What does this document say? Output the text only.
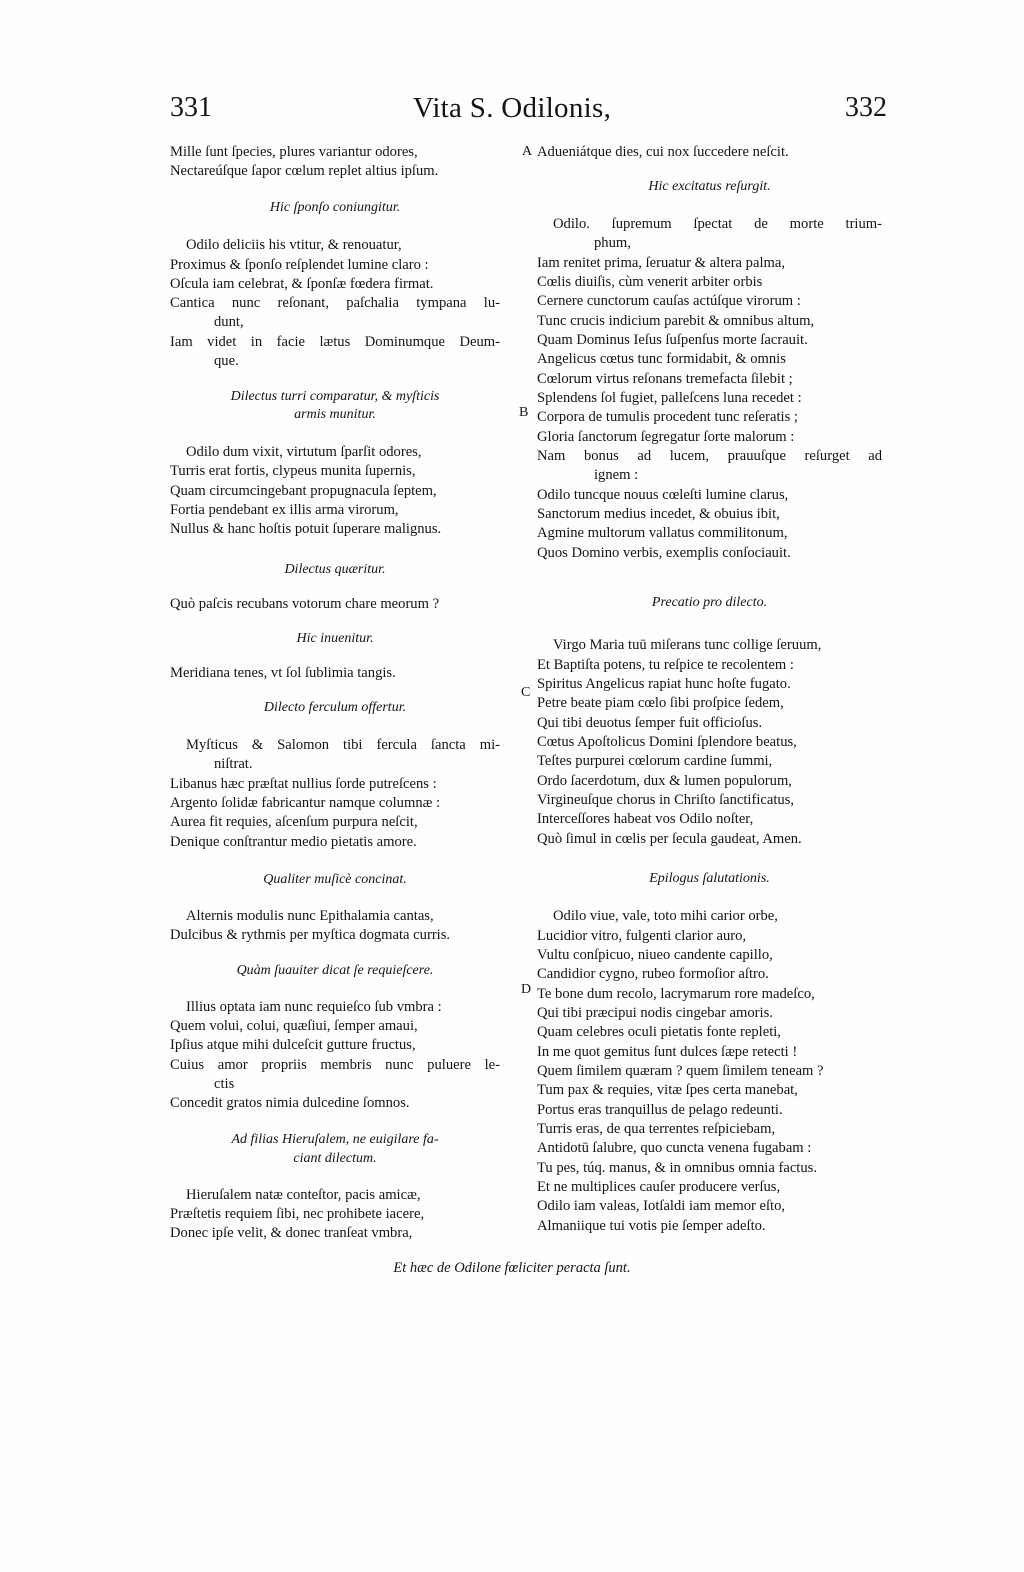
331	Vita S. Odilonis,	332
Mille ſunt ſpecies, plures variantur odores,
Nectareúſque ſapor cœlum replet altius ipſum.
Hic ſponſo coniungitur.
Odilo deliciis his vtitur, & renouatur,
Proximus & ſponſo reſplendet lumine claro :
Oſcula iam celebrat, & ſponſæ fœdera firmat.
Cantica nunc reſonant, paſchalia tympana lu-
dunt,
Iam videt in facie lætus Dominumque Deum-
que.
Dilectus turri comparatur, & myſticis
armis munitur.
Odilo dum vixit, virtutum ſparſit odores,
Turris erat fortis, clypeus munita ſupernis,
Quam circumcingebant propugnacula ſeptem,
Fortia pendebant ex illis arma virorum,
Nullus & hanc hoſtis potuit ſuperare malignus.
Dilectus quæritur.
Quò paſcis recubans votorum chare meorum ?
Hic inuenitur.
Meridiana tenes, vt ſol ſublimia tangis.
Dilecto ferculum offertur.
Myſticus & Salomon tibi fercula ſancta mi-
niſtrat.
Libanus hæc præſtat nullius ſorde putreſcens :
Argento ſolidæ fabricantur namque columnæ :
Aurea fit requies, aſcenſum purpura neſcit,
Denique conſtrantur medio pietatis amore.
Qualiter muſicè concinat.
Alternis modulis nunc Epithalamia cantas,
Dulcibus & rythmis per myſtica dogmata curris.
Quàm ſuauiter dicat ſe requieſcere.
Illius optata iam nunc requieſco ſub vmbra :
Quem volui, colui, quæſiui, ſemper amaui,
Ipſius atque mihi dulceſcit gutture fructus,
Cuius amor propriis membris nunc puluere le-
ctis
Concedit gratos nimia dulcedine ſomnos.
Ad filias Hieruſalem, ne euigilare fa-
ciant dilectum.
Hieruſalem natæ conteſtor, pacis amicæ,
Præſtetis requiem ſibi, nec prohibete iacere,
Donec ipſe velit, & donec tranſeat vmbra,
Adueniátque dies, cui nox ſuccedere neſcit.
Hic excitatus reſurgit.
Odilo. ſupremum ſpectat de morte trium-
phum,
Iam renitet prima, ſeruatur & altera palma,
Cœlis diuiſis, cùm venerit arbiter orbis
Cernere cunctorum cauſas actúſque virorum :
Tunc crucis indicium parebit & omnibus altum,
Quam Dominus Ieſus ſuſpenſus morte ſacrauit.
Angelicus cœtus tunc formidabit, & omnis
Cœlorum virtus reſonans tremefacta ſilebit ;
Splendens ſol fugiet, palleſcens luna recedet :
Corpora de tumulis procedent tunc reſeratis ;
Gloria ſanctorum ſegregatur ſorte malorum :
Nam bonus ad lucem, prauuſque reſurget ad
ignem :
Odilo tuncque nouus cœleſti lumine clarus,
Sanctorum medius incedet, & obuius ibit,
Agmine multorum vallatus commilitonum,
Quos Domino verbis, exemplis conſociauit.
Precatio pro dilecto.
Virgo Maria tuū miſerans tunc collige ſeruum,
Et Baptiſta potens, tu reſpice te recolentem :
Spiritus Angelicus rapiat hunc hoſte fugato.
Petre beate piam cœlo ſibi proſpice ſedem,
Qui tibi deuotus ſemper fuit officioſus.
Cœtus Apoſtolicus Domini ſplendore beatus,
Teſtes purpurei cœlorum cardine ſummi,
Ordo ſacerdotum, dux & lumen populorum,
Virgineuſque chorus in Chriſto ſanctificatus,
Interceſſores habeat vos Odilo noſter,
Quò ſimul in cœlis per ſecula gaudeat, Amen.
Epilogus ſalutationis.
Odilo viue, vale, toto mihi carior orbe,
Lucidior vitro, fulgenti clarior auro,
Vultu conſpicuo, niueo candente capillo,
Candidior cygno, rubeo formoſior aſtro.
Te bone dum recolo, lacrymarum rore madeſco,
Qui tibi præcipui nodis cingebar amoris.
Quam celebres oculi pietatis fonte repleti,
In me quot gemitus ſunt dulces ſæpe retecti !
Quem ſimilem quæram ? quem ſimilem teneam ?
Tum pax & requies, vitæ ſpes certa manebat,
Portus eras tranquillus de pelago redeunti.
Turris eras, de qua terrentes reſpiciebam,
Antidotū ſalubre, quo cuncta venena fugabam :
Tu pes, túq. manus, & in omnibus omnia factus.
Et ne multiplices cauſer producere verſus,
Odilo iam valeas, Iotſaldi iam memor eſto,
Almaniique tui votis pie ſemper adeſto.
A
B
C
D
Et hæc de Odilone fœliciter peracta ſunt.
